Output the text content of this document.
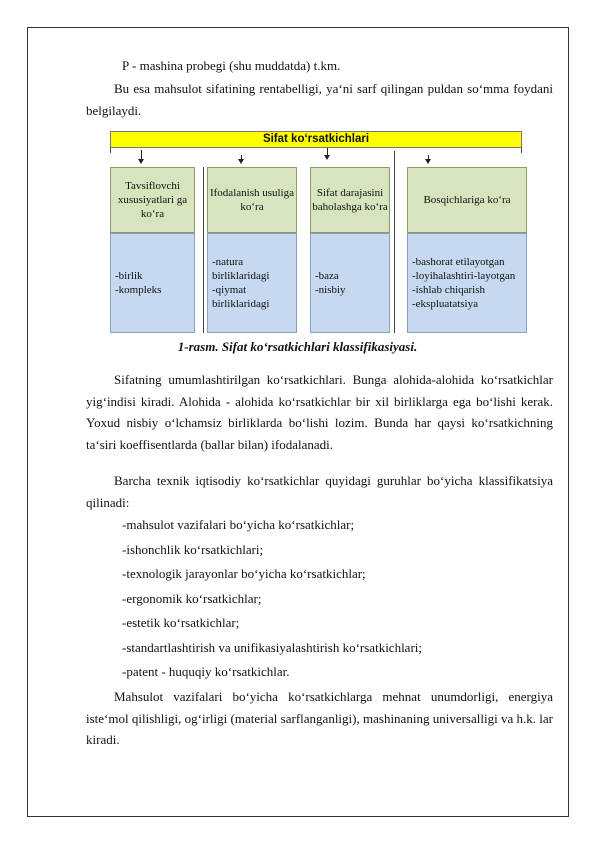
P - mashina probegi (shu muddatda) t.km.

Bu esa mahsulot sifatining rentabelligi, ya‘ni sarf qilingan puldan so‘mma foydani belgilaydi.

Sifat ko‘rsatkichlari
Tavsiflovchi xususiyatlari ga ko‘ra
-birlik
-kompleks
Ifodalanish usuliga ko‘ra
-natura birliklaridagi
-qiymat birliklaridagi
Sifat darajasini baholashga ko‘ra
-baza
-nisbiy
Bosqichlariga ko‘ra
-bashorat etilayotgan
-loyihalashtiri-layotgan
-ishlab chiqarish
-ekspluatatsiya
1-rasm. Sifat ko‘rsatkichlari klassifikasiyasi.

Sifatning umumlashtirilgan ko‘rsatkichlari. Bunga alohida-alohida ko‘rsatkichlar yig‘indisi kiradi. Alohida - alohida ko‘rsatkichlar bir xil birliklarga ega bo‘lishi kerak. Yoxud nisbiy o‘lchamsiz birliklarda bo‘lishi lozim. Bunda har qaysi ko‘rsatkichning ta‘siri koeffisentlarda (ballar bilan) ifodalanadi.

Barcha texnik iqtisodiy ko‘rsatkichlar quyidagi guruhlar bo‘yicha klassifikatsiya qilinadi:

-mahsulot vazifalari bo‘yicha ko‘rsatkichlar;
-ishonchlik ko‘rsatkichlari;
-texnologik jarayonlar bo‘yicha ko‘rsatkichlar;
-ergonomik ko‘rsatkichlar;
-estetik ko‘rsatkichlar;
-standartlashtirish va unifikasiyalashtirish ko‘rsatkichlari;
-patent - huquqiy ko‘rsatkichlar.

Mahsulot vazifalari bo‘yicha ko‘rsatkichlarga mehnat unumdorligi, energiya iste‘mol qilishligi, og‘irligi (material sarflanganligi), mashinaning universalligi va h.k. lar kiradi.
